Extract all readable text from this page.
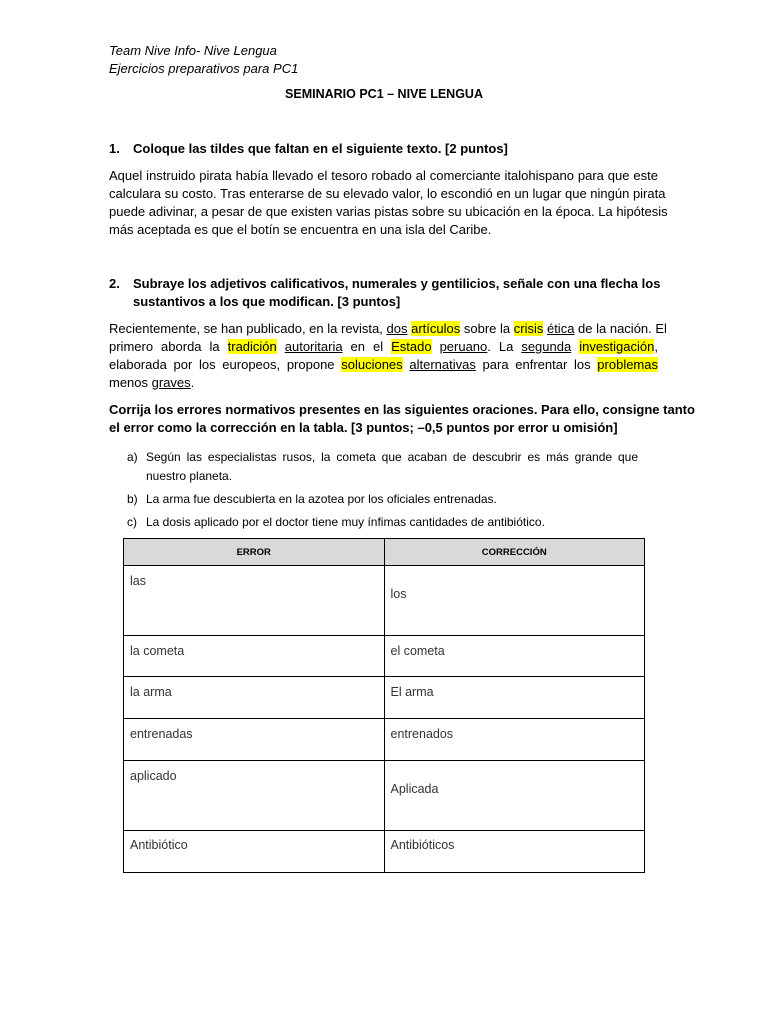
Team Nive Info- Nive Lengua
Ejercicios preparativos para PC1
SEMINARIO PC1 – NIVE LENGUA
1. Coloque las tildes que faltan en el siguiente texto. [2 puntos]
Aquel instruido pirata había llevado el tesoro robado al comerciante italohispano para que este
calculara su costo. Tras enterarse de su elevado valor, lo escondió en un lugar que ningún pirata
puede adivinar, a pesar de que existen varias pistas sobre su ubicación en la época. La hipótesis
más aceptada es que el botín se encuentra en una isla del Caribe.
2. Subraye los adjetivos calificativos, numerales y gentilicios, señale con una flecha los
sustantivos a los que modifican. [3 puntos]
Recientemente, se han publicado, en la revista, dos artículos sobre la crisis ética de la nación. El
primero aborda la tradición autoritaria en el Estado peruano. La segunda investigación,
elaborada por los europeos, propone soluciones alternativas para enfrentar los problemas
menos graves.
Corrija los errores normativos presentes en las siguientes oraciones. Para ello, consigne tanto
el error como la corrección en la tabla. [3 puntos; –0,5 puntos por error u omisión]
a) Según las especialistas rusos, la cometa que acaban de descubrir es más grande que nuestro planeta.
b) La arma fue descubierta en la azotea por los oficiales entrenadas.
c) La dosis aplicado por el doctor tiene muy ínfimas cantidades de antibiótico.
ERROR	CORRECCIÓN
las	los
la cometa	el cometa
la arma	El arma
entrenadas	entrenados
aplicado	Aplicada
Antibiótico	Antibióticos
